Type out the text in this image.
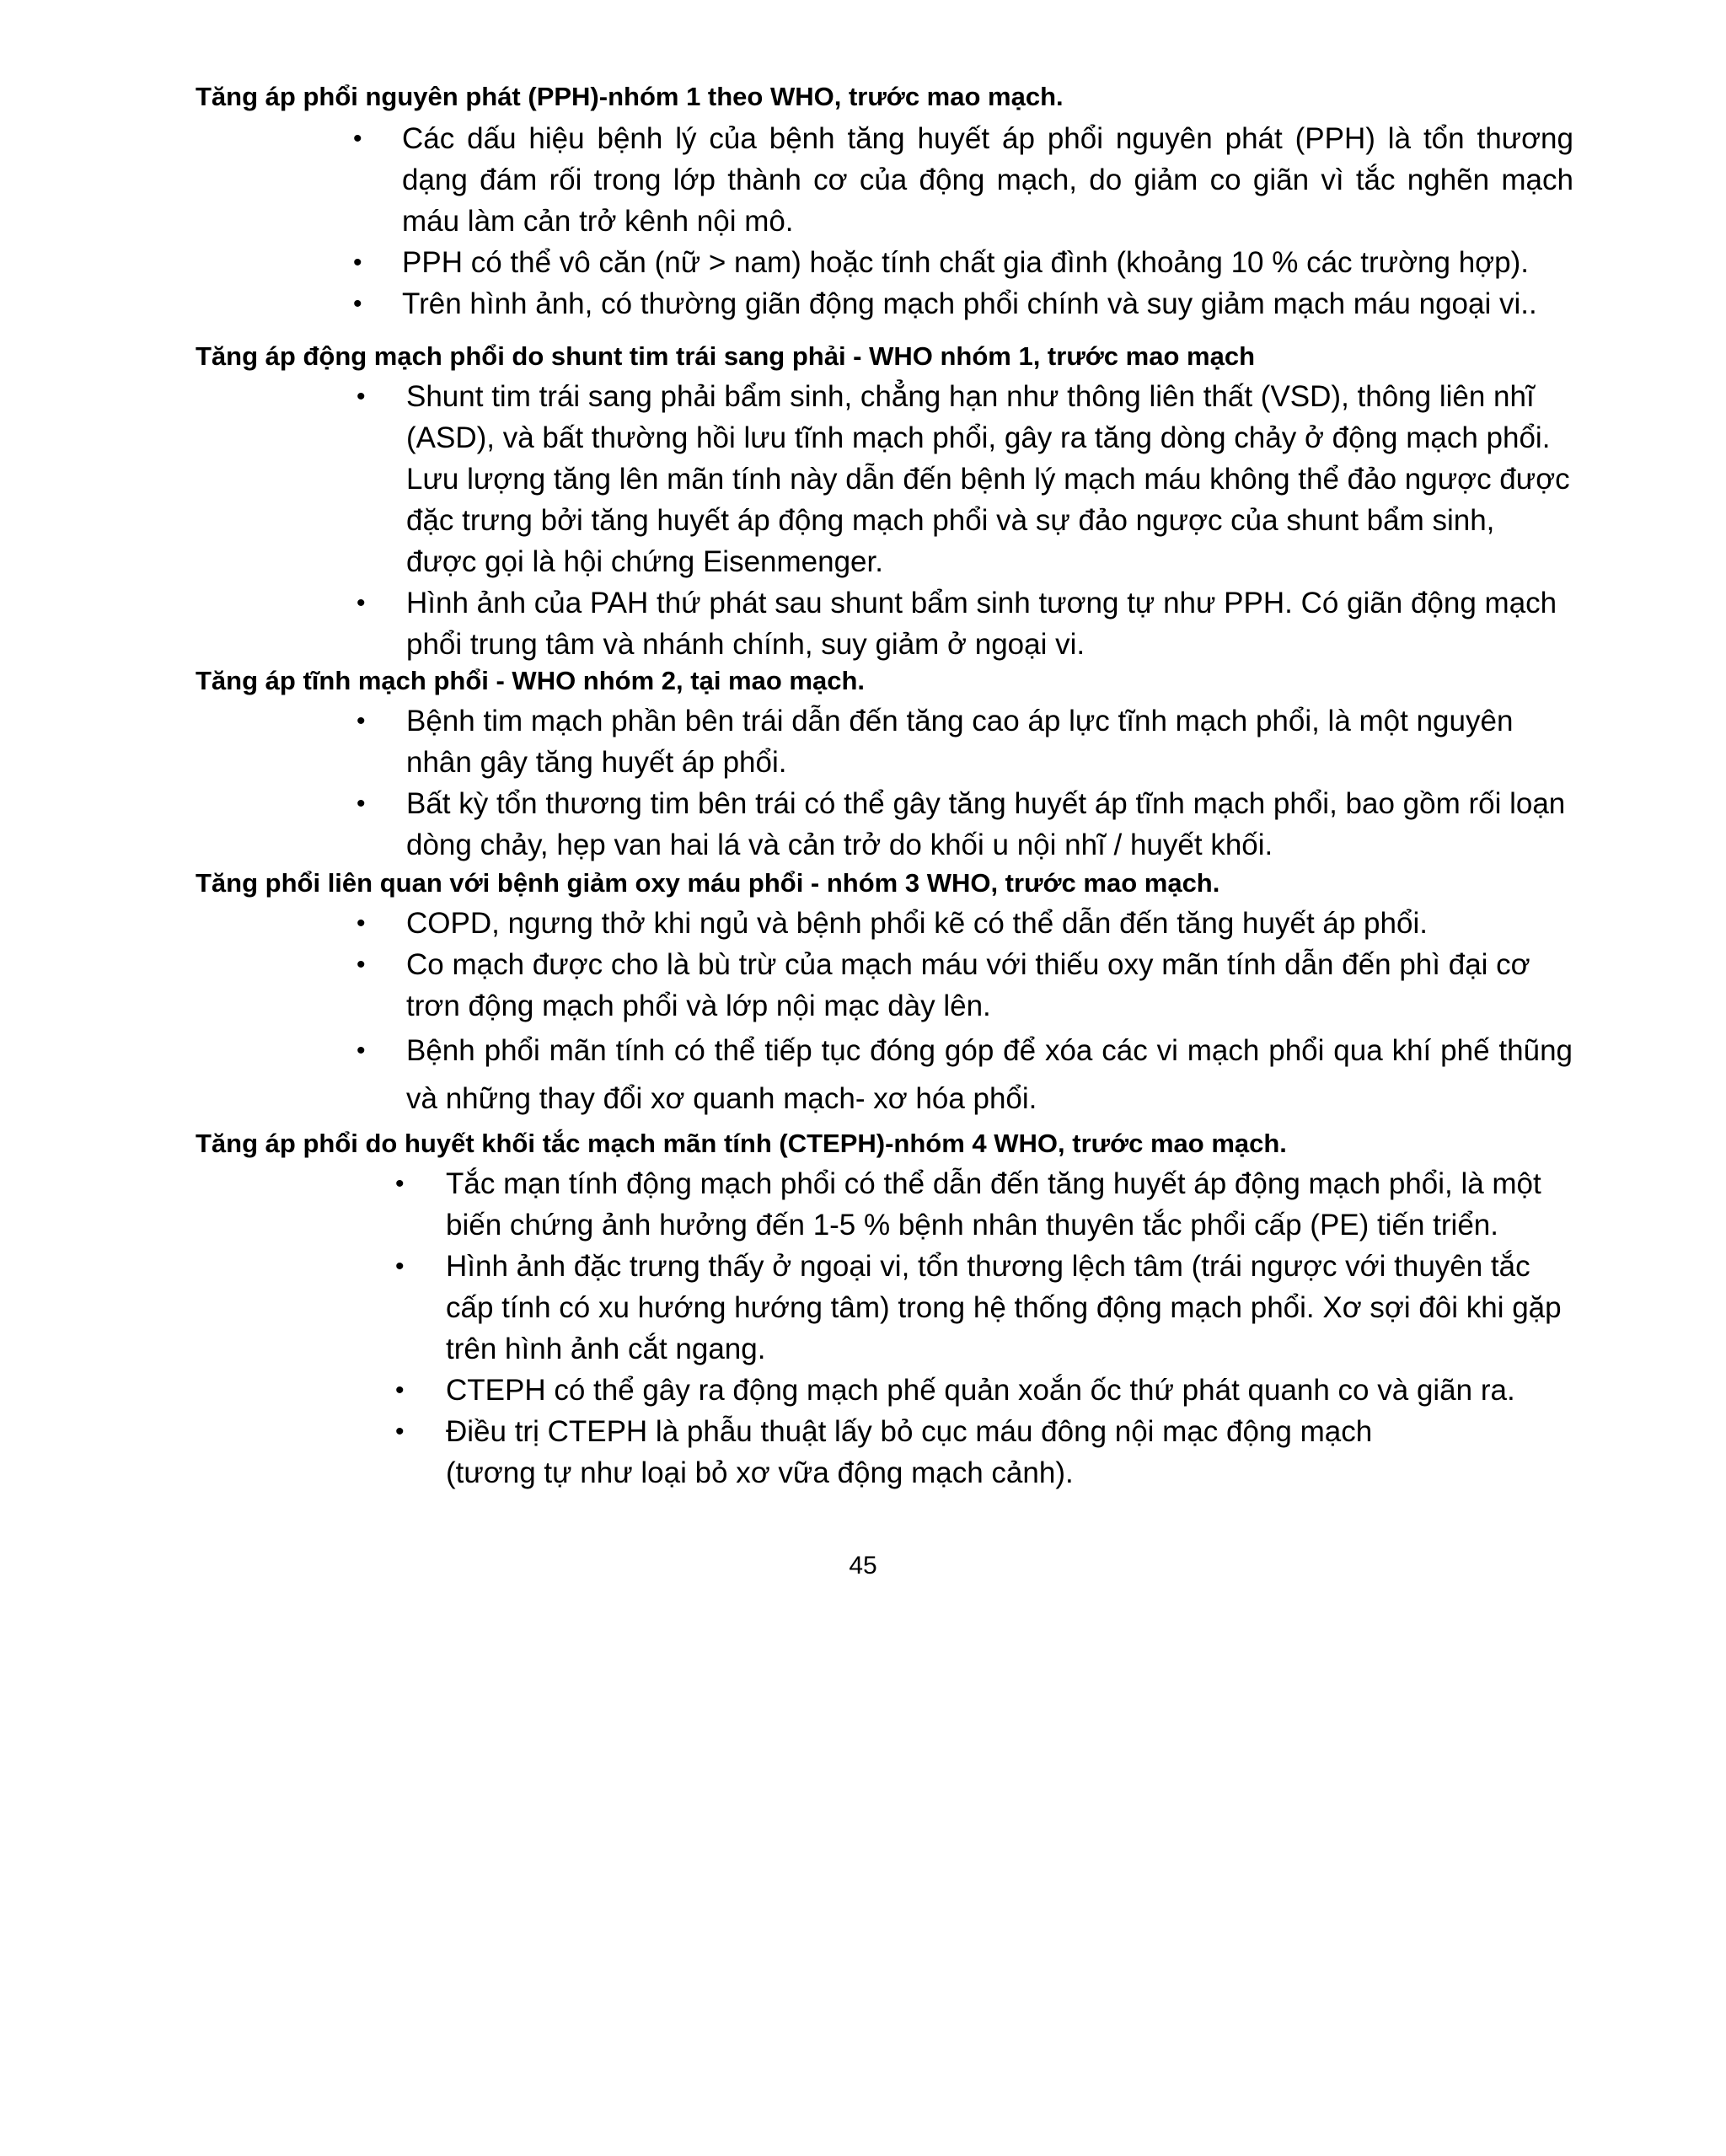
Tăng áp phổi nguyên phát (PPH)-nhóm 1 theo WHO, trước mao mạch.

• Các dấu hiệu bệnh lý của bệnh tăng huyết áp phổi nguyên phát (PPH) là tổn thương dạng đám rối trong lớp thành cơ của động mạch, do giảm co giãn vì tắc nghẽn mạch máu làm cản trở kênh nội mô.
• PPH có thể vô căn (nữ > nam) hoặc tính chất gia đình (khoảng 10 % các trường hợp).
• Trên hình ảnh, có thường giãn động mạch phổi chính và suy giảm mạch máu ngoại vi..

Tăng áp động mạch phổi do shunt tim trái sang phải - WHO nhóm 1, trước mao mạch

• Shunt tim trái sang phải bẩm sinh, chẳng hạn như thông liên thất (VSD), thông liên nhĩ (ASD), và bất thường hồi lưu tĩnh mạch phổi, gây ra tăng dòng chảy ở động mạch phổi. Lưu lượng tăng lên mãn tính này dẫn đến bệnh lý mạch máu không thể đảo ngược được đặc trưng bởi tăng huyết áp động mạch phổi và sự đảo ngược của shunt bẩm sinh, được gọi là hội chứng Eisenmenger.
• Hình ảnh của PAH thứ phát sau shunt bẩm sinh tương tự như PPH. Có giãn động mạch phổi trung tâm và nhánh chính, suy giảm ở ngoại vi.

Tăng áp tĩnh mạch phổi - WHO nhóm 2, tại mao mạch.

• Bệnh tim mạch phần bên trái dẫn đến tăng cao áp lực tĩnh mạch phổi, là một nguyên nhân gây tăng huyết áp phổi.
• Bất kỳ tổn thương tim bên trái có thể gây tăng huyết áp tĩnh mạch phổi, bao gồm rối loạn dòng chảy, hẹp van hai lá và cản trở do khối u nội nhĩ / huyết khối.

Tăng phổi liên quan với bệnh giảm oxy máu phổi - nhóm 3 WHO, trước mao mạch.

• COPD, ngưng thở khi ngủ và bệnh phổi kẽ có thể dẫn đến tăng huyết áp phổi.
• Co mạch được cho là bù trừ của mạch máu với thiếu oxy mãn tính dẫn đến phì đại cơ trơn động mạch phổi và lớp nội mạc dày lên.
• Bệnh phổi mãn tính có thể tiếp tục đóng góp để xóa các vi mạch phổi qua khí phế thũng và những thay đổi xơ quanh mạch- xơ hóa phổi.

Tăng áp phổi do huyết khối tắc mạch mãn tính (CTEPH)-nhóm 4 WHO, trước mao mạch.

• Tắc mạn tính động mạch phổi có thể dẫn đến tăng huyết áp động mạch phổi, là một biến chứng ảnh hưởng đến 1-5 % bệnh nhân thuyên tắc phổi cấp (PE) tiến triển.
• Hình ảnh đặc trưng thấy ở ngoại vi, tổn thương lệch tâm (trái ngược với thuyên tắc cấp tính có xu hướng hướng tâm) trong hệ thống động mạch phổi. Xơ sợi đôi khi gặp trên hình ảnh cắt ngang.
• CTEPH có thể gây ra động mạch phế quản xoắn ốc thứ phát quanh co và giãn ra.
• Điều trị CTEPH là phẫu thuật lấy bỏ cục máu đông nội mạc động mạch
(tương tự như loại bỏ xơ vữa động mạch cảnh).
45
